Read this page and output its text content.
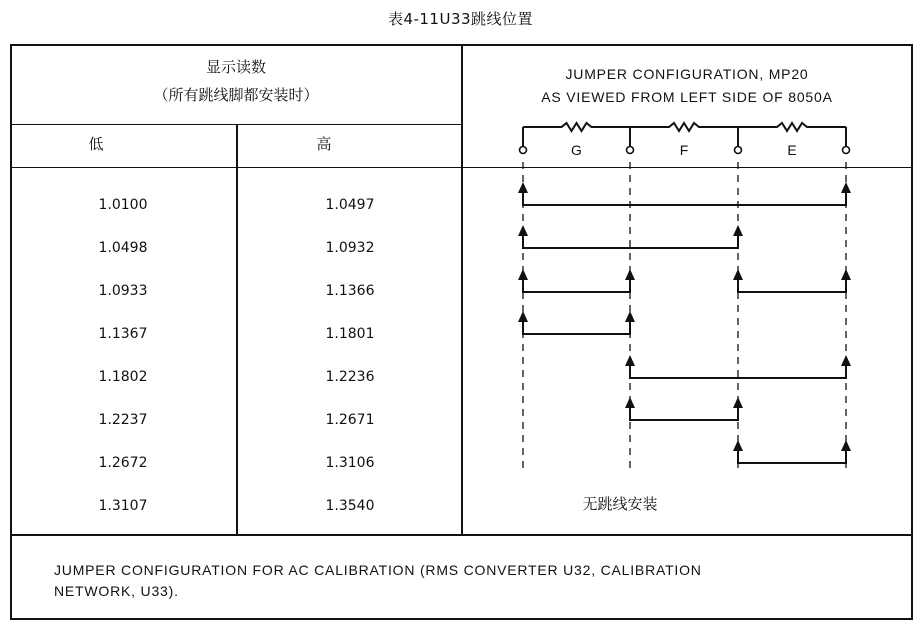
表4-11U33跳线位置
显示读数
（所有跳线脚都安装时）
低	高
1.0100	1.0497
1.0498	1.0932
1.0933	1.1366
1.1367	1.1801
1.1802	1.2236
1.2237	1.2671
1.2672	1.3106
1.3107	1.3540
JUMPER CONFIGURATION, MP20
AS VIEWED FROM LEFT SIDE OF 8050A
G	F	E
无跳线安装
JUMPER CONFIGURATION FOR AC CALIBRATION (RMS CONVERTER U32, CALIBRATION
NETWORK, U33).
